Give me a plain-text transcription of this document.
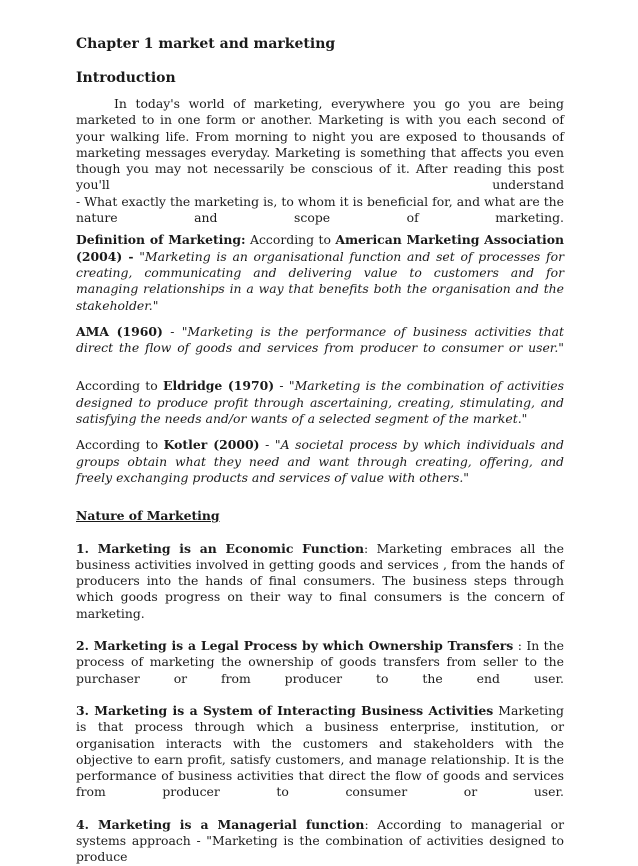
Chapter 1 market and marketing
Introduction

In today's world of marketing, everywhere you go you are being marketed to in one form or another. Marketing is with you each second of your walking life. From morning to night you are exposed to thousands of marketing messages everyday. Marketing is something that affects you even though you may not necessarily be conscious of it. After reading this post you'll understand

- What exactly the marketing is, to whom it is beneficial for, and what are the nature and scope of marketing.

Definition of Marketing: According to American Marketing Association (2004) - "Marketing is an organisational function and set of processes for creating, communicating and delivering value to customers and for managing relationships in a way that benefits both the organisation and the stakeholder."

AMA (1960) - "Marketing is the performance of business activities that direct the flow of goods and services from producer to consumer or user."

According to Eldridge (1970) - "Marketing is the combination of activities designed to produce profit through ascertaining, creating, stimulating, and satisfying the needs and/or wants of a selected segment of the market."

According to Kotler (2000) - "A societal process by which individuals and groups obtain what they need and want through creating, offering, and freely exchanging products and services of value with others."

Nature of Marketing

1. Marketing is an Economic Function: Marketing embraces all the business activities involved in getting goods and services , from the hands of producers into the hands of final consumers. The business steps through which goods progress on their way to final consumers is the concern of marketing.

2. Marketing is a Legal Process by which Ownership Transfers : In the process of marketing the ownership of goods transfers from seller to the purchaser or from producer to the end user.

3. Marketing is a System of Interacting Business Activities Marketing is that process through which a business enterprise, institution, or organisation interacts with the customers and stakeholders with the objective to earn profit, satisfy customers, and manage relationship. It is the performance of business activities that direct the flow of goods and services from producer to consumer or user.

4. Marketing is a Managerial function: According to managerial or systems approach - "Marketing is the combination of activities designed to produce
